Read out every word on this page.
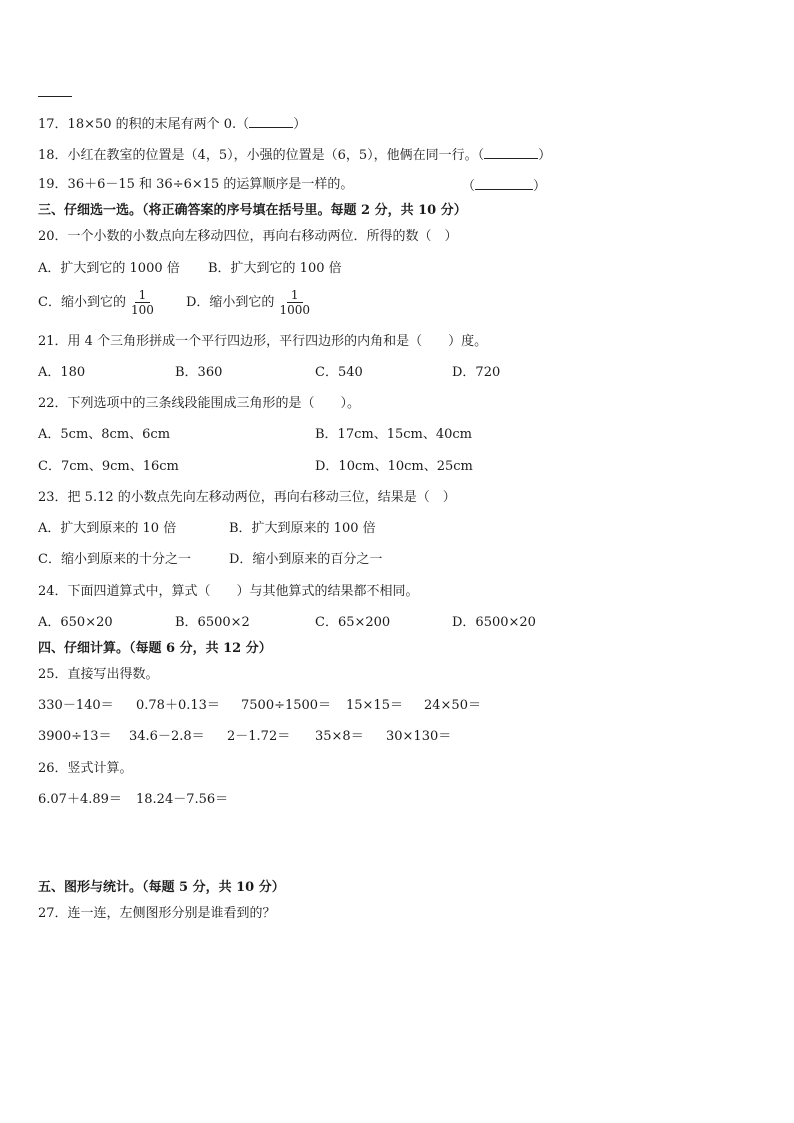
17．18×50 的积的末尾有两个 0.（	）
18．小红在教室的位置是（4，5），小强的位置是（6，5），他俩在同一行。（	）
19．36＋6－15 和 36÷6×15 的运算顺序是一样的。	（	）
三、仔细选一选。（将正确答案的序号填在括号里。每题 2 分，共 10 分）
20．一个小数的小数点向左移动四位，再向右移动两位．所得的数（　）
A．扩大到它的 1000 倍 B．扩大到它的 100 倍
C．缩小到它的 $\frac{1}{100}$ D．缩小到它的 $\frac{1}{1000}$
21．用 4 个三角形拼成一个平行四边形，平行四边形的内角和是（　　）度。
A．180	B．360	C．540	D．720
22．下列选项中的三条线段能围成三角形的是（　　）。
A．5cm、8cm、6cm	B．17cm、15cm、40cm
C．7cm、9cm、16cm	D．10cm、10cm、25cm
23．把 5.12 的小数点先向左移动两位，再向右移动三位，结果是（　）
A．扩大到原来的 10 倍	B．扩大到原来的 100 倍
C．缩小到原来的十分之一	D．缩小到原来的百分之一
24．下面四道算式中，算式（　　）与其他算式的结果都不相同。
A．650×20	B．6500×2	C．65×200	D．6500×20
四、仔细计算。（每题 6 分，共 12 分）
25．直接写出得数。
330－140＝ 0.78＋0.13＝ 7500÷1500＝ 15×15＝ 24×50＝
3900÷13＝ 34.6－2.8＝ 2－1.72＝ 35×8＝ 30×130＝
26．竖式计算。
6.07＋4.89＝ 18.24－7.56＝
五、图形与统计。（每题 5 分，共 10 分）
27．连一连，左侧图形分别是谁看到的？
